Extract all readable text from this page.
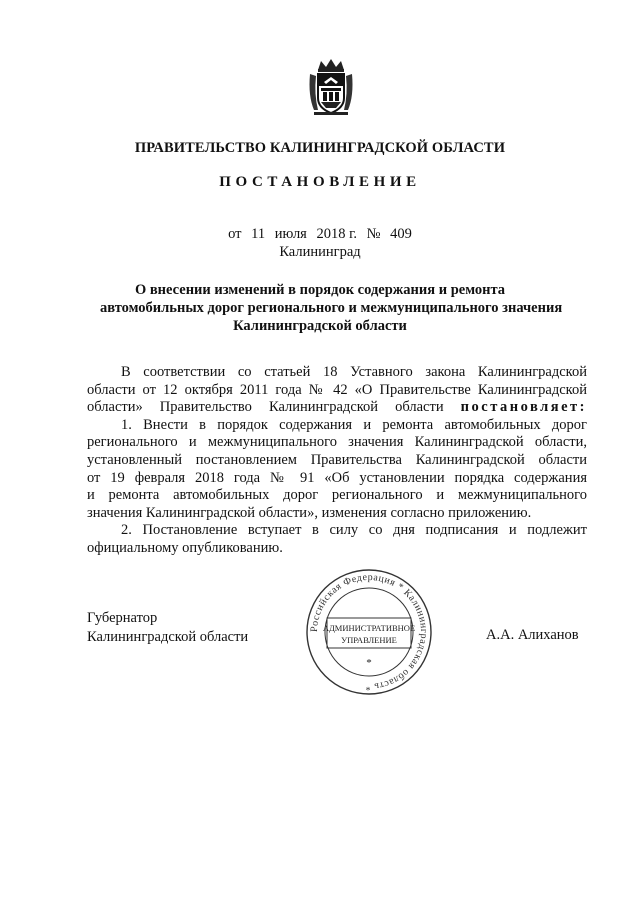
ПРАВИТЕЛЬСТВО КАЛИНИНГРАДСКОЙ ОБЛАСТИ
ПОСТАНОВЛЕНИЕ
от 11 июля 2018 г. № 409
Калининград
О внесении изменений в порядок содержания и ремонта
автомобильных дорог регионального и межмуниципального значения
Калининградской области
В соответствии со статьей 18 Уставного закона Калининградской
области от 12 октября 2011 года № 42 «О Правительстве Калининградской
области» Правительство Калининградской области постановляет:
1. Внести в порядок содержания и ремонта автомобильных дорог
регионального и межмуниципального значения Калининградской области,
установленный постановлением Правительства Калининградской области
от 19 февраля 2018 года № 91 «Об установлении порядка содержания
и ремонта автомобильных дорог регионального и межмуниципального
значения Калининградской области», изменения согласно приложению.
2. Постановление вступает в силу со дня подписания и подлежит
официальному опубликованию.
Губернатор
Калининградской области	Российская Федерация * Калининградская область *
АДМИНИСТРАТИВНОЕ
УПРАВЛЕНИЕ
*
А.А. Алиханов
